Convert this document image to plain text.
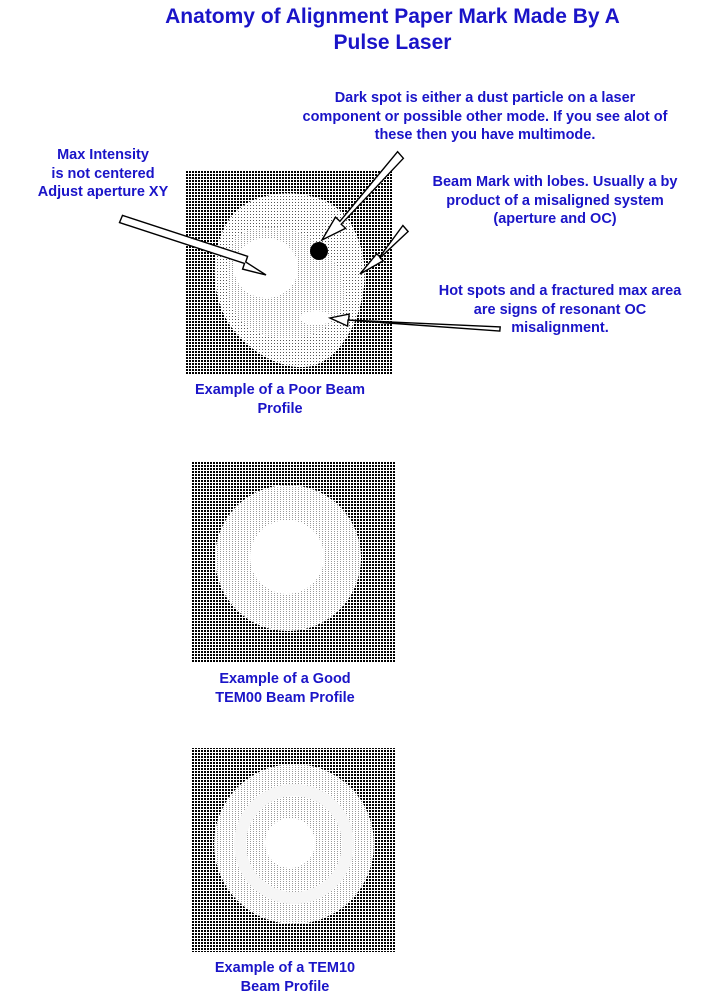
Anatomy of Alignment Paper Mark Made By A
Pulse Laser
Max Intensity
is not centered
Adjust aperture XY
Dark spot is either a dust particle on a laser
component or possible other mode. If you see alot of
these then you have multimode.
Beam Mark with lobes. Usually a by
product of a misaligned system
(aperture and OC)
Hot spots and a fractured max area
are signs of resonant OC
misalignment.
Example of a Poor Beam
Profile
Example of a Good
TEM00 Beam Profile
Example of a TEM10
Beam Profile
